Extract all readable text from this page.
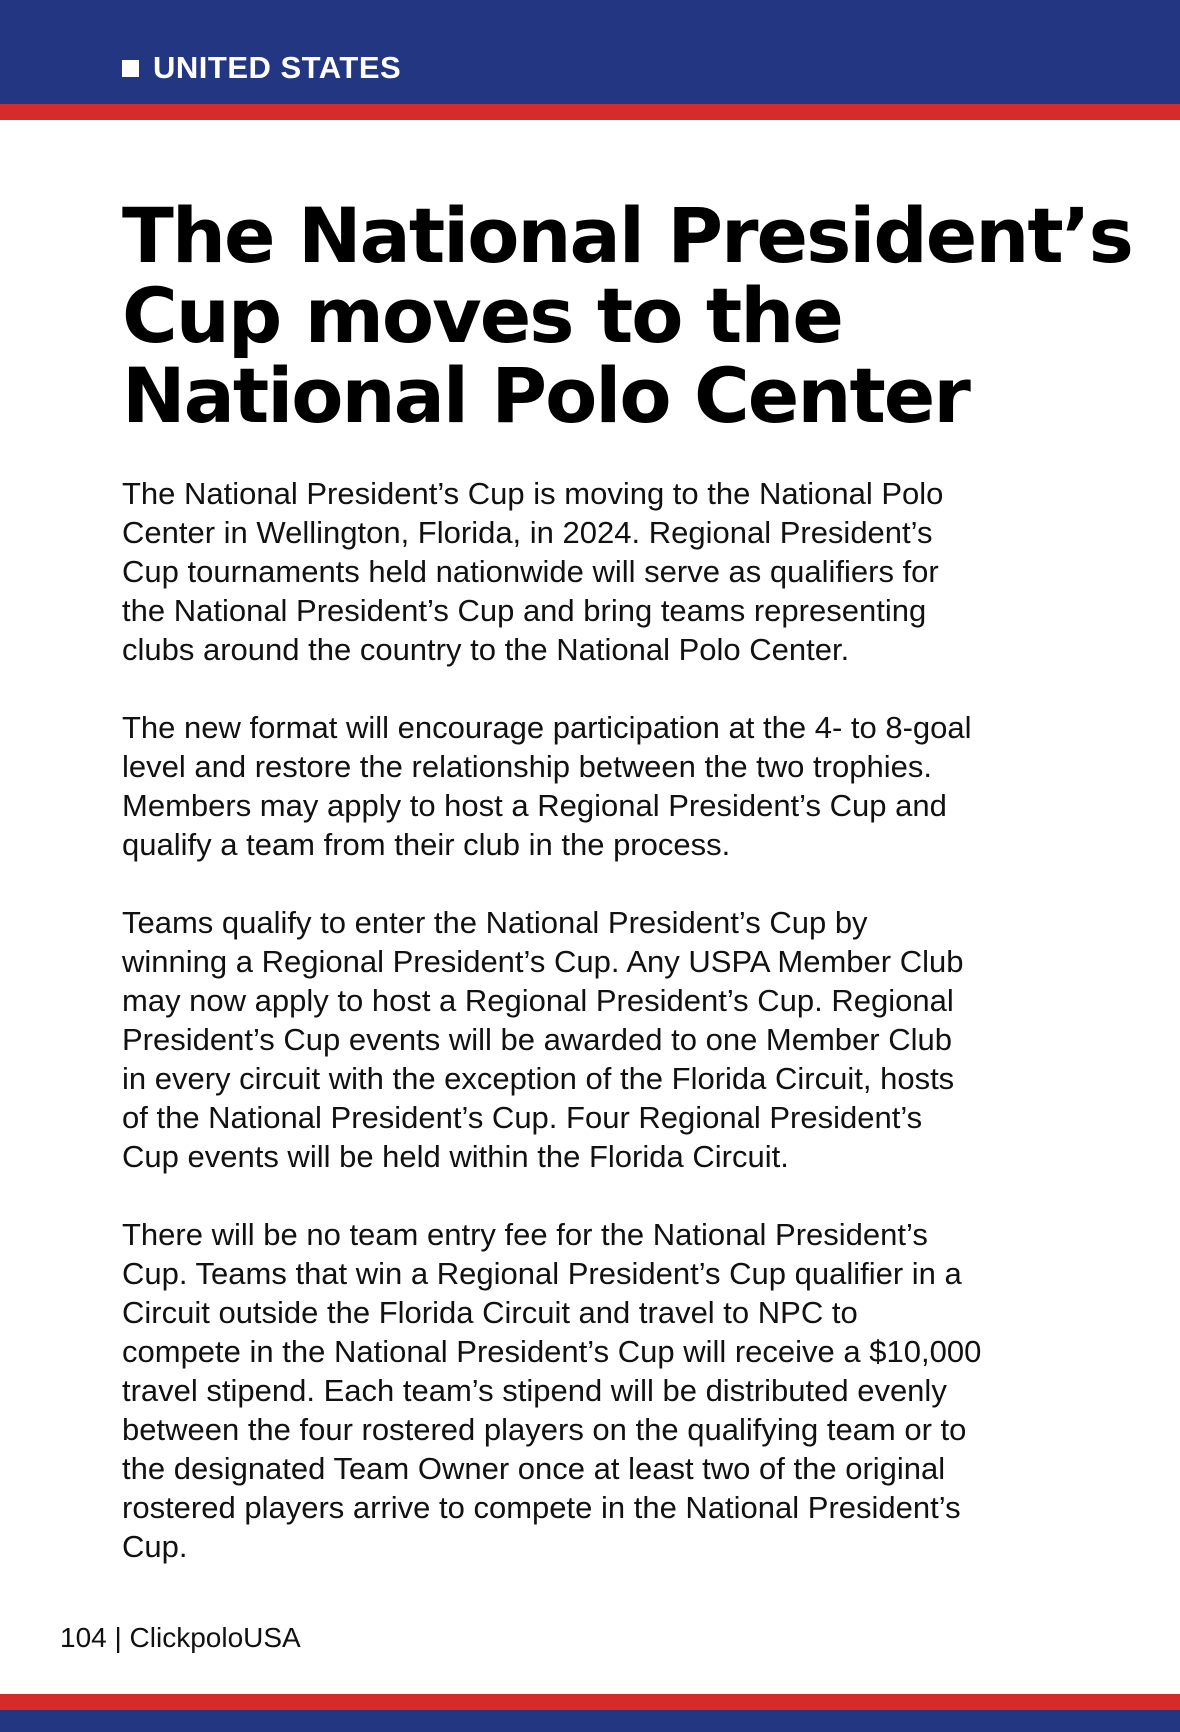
UNITED STATES
The National President’s
Cup moves to the
National Polo Center

The National President’s Cup is moving to the National Polo
Center in Wellington, Florida, in 2024. Regional President’s
Cup tournaments held nationwide will serve as qualifiers for
the National President’s Cup and bring teams representing
clubs around the country to the National Polo Center.

The new format will encourage participation at the 4- to 8-goal
level and restore the relationship between the two trophies.
Members may apply to host a Regional President’s Cup and
qualify a team from their club in the process.

Teams qualify to enter the National President’s Cup by
winning a Regional President’s Cup. Any USPA Member Club
may now apply to host a Regional President’s Cup. Regional
President’s Cup events will be awarded to one Member Club
in every circuit with the exception of the Florida Circuit, hosts
of the National President’s Cup. Four Regional President’s
Cup events will be held within the Florida Circuit.

There will be no team entry fee for the National President’s
Cup. Teams that win a Regional President’s Cup qualifier in a
Circuit outside the Florida Circuit and travel to NPC to
compete in the National President’s Cup will receive a $10,000
travel stipend. Each team’s stipend will be distributed evenly
between the four rostered players on the qualifying team or to
the designated Team Owner once at least two of the original
rostered players arrive to compete in the National President’s
Cup.

104 | ClickpoloUSA
